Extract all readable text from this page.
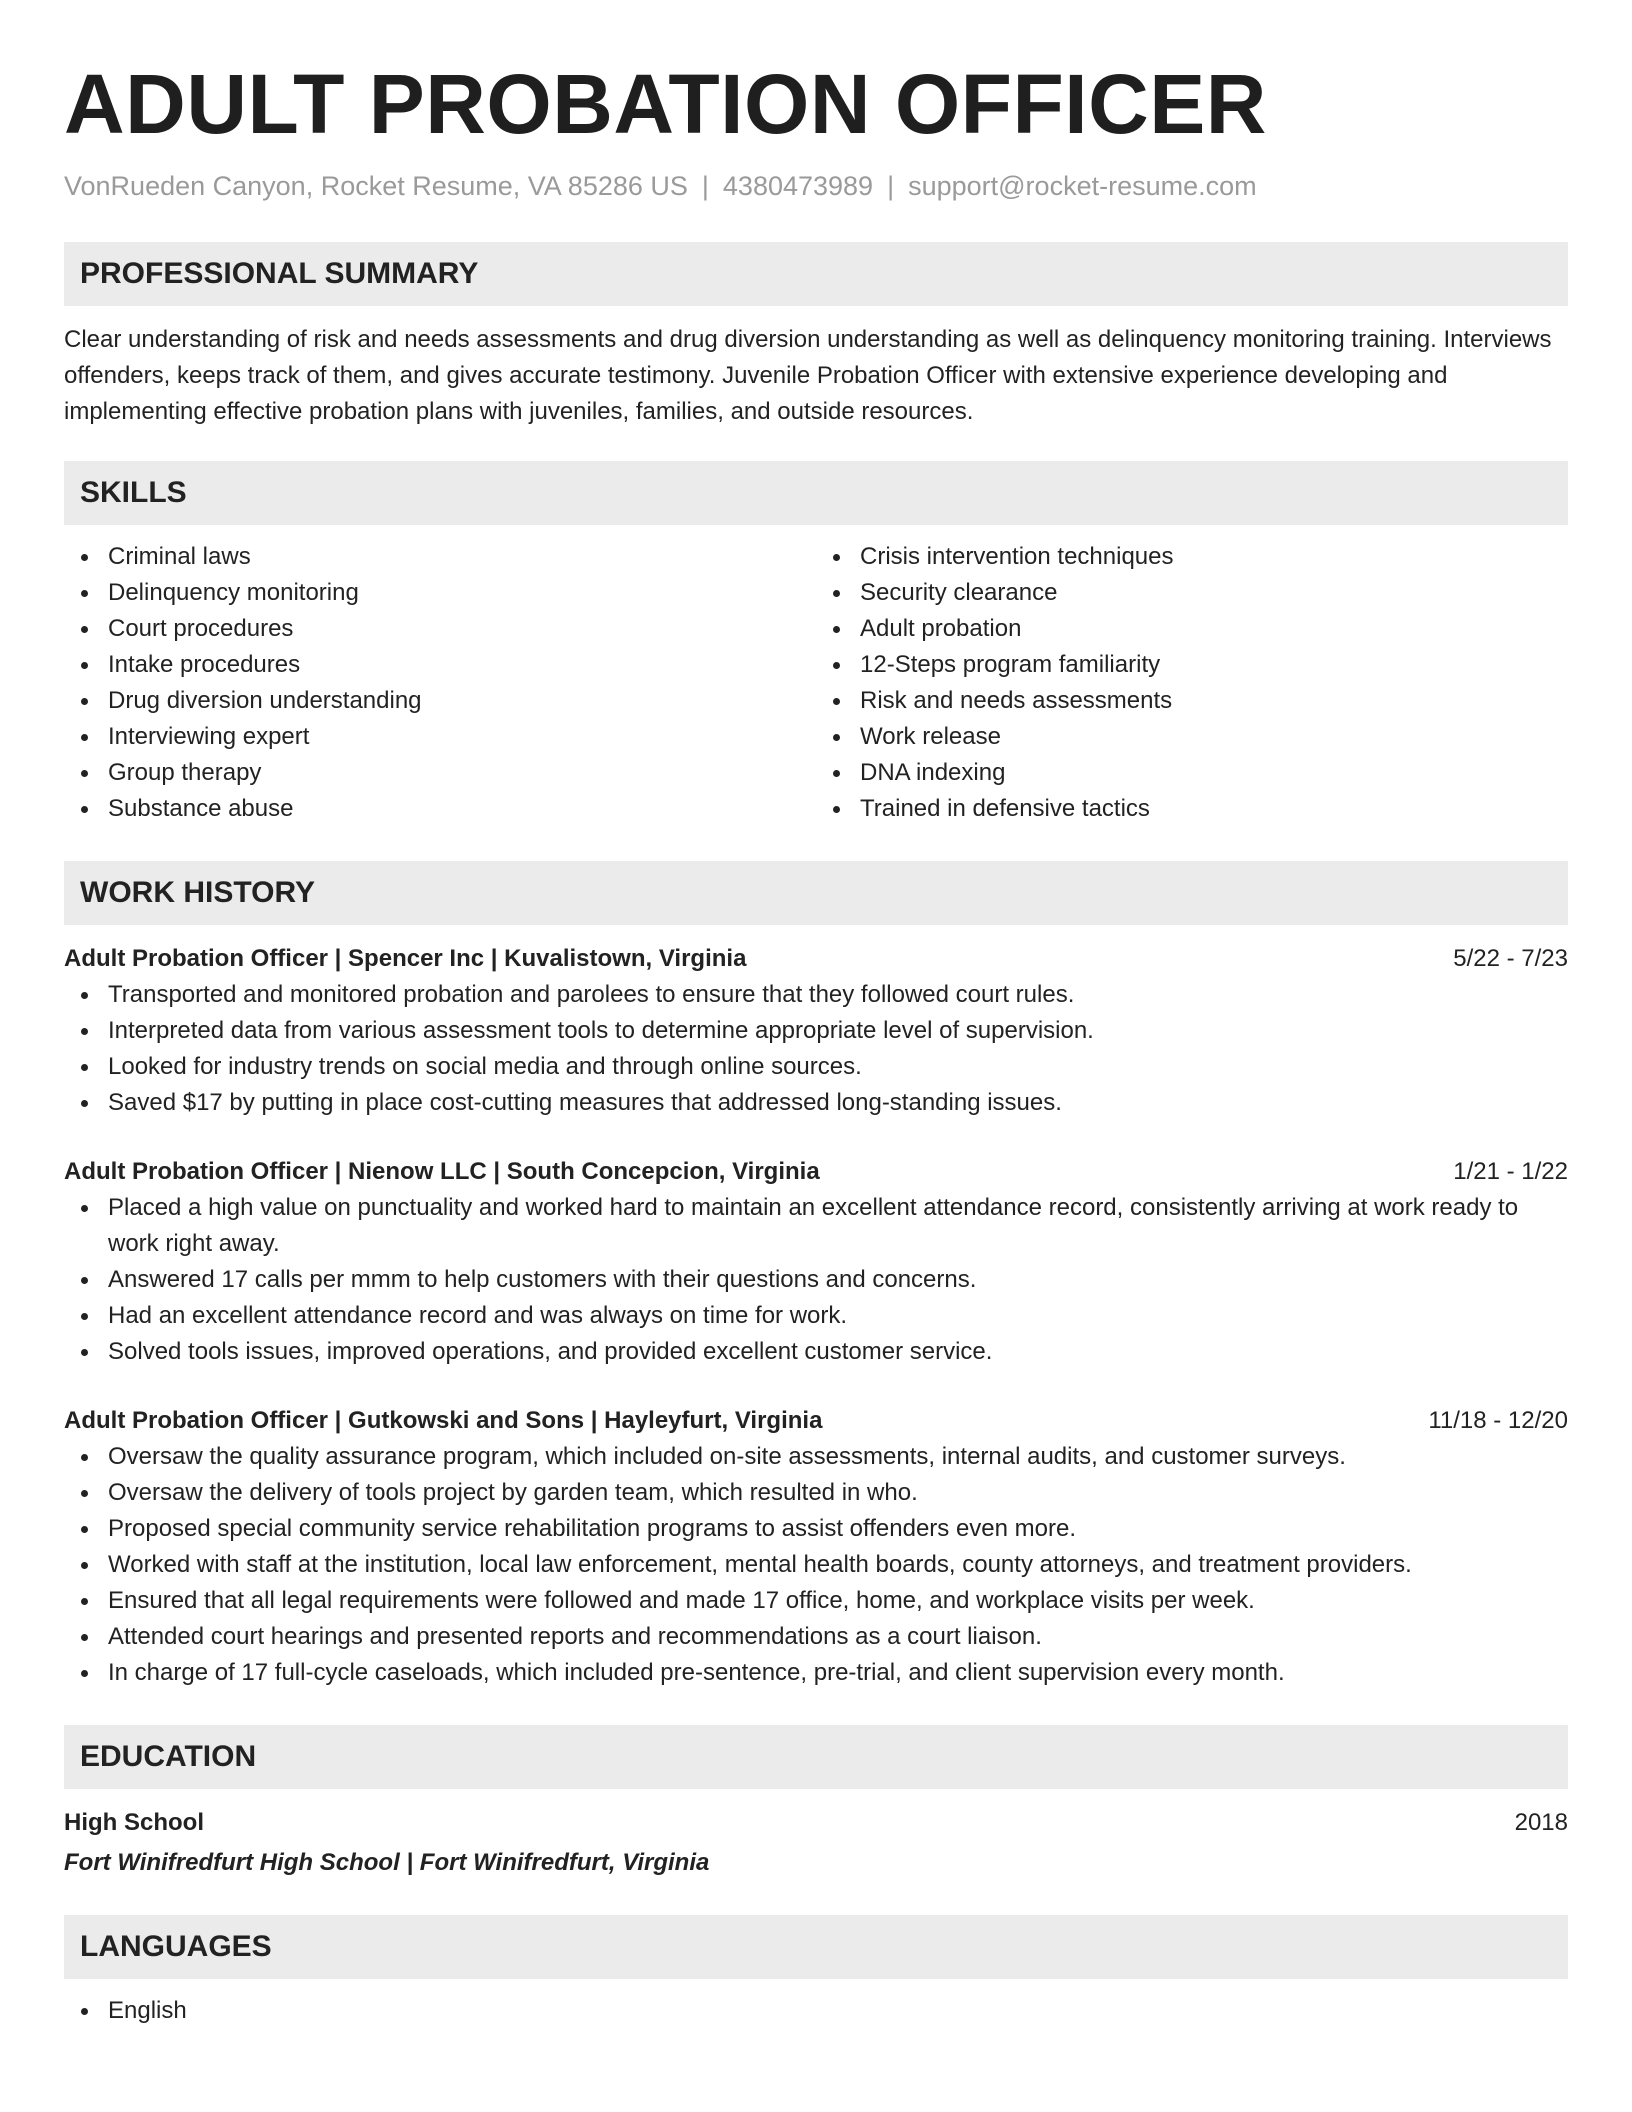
ADULT PROBATION OFFICER
VonRueden Canyon, Rocket Resume, VA 85286 US | 4380473989 | support@rocket-resume.com
PROFESSIONAL SUMMARY

Clear understanding of risk and needs assessments and drug diversion understanding as well as delinquency monitoring training. Interviews offenders, keeps track of them, and gives accurate testimony. Juvenile Probation Officer with extensive experience developing and implementing effective probation plans with juveniles, families, and outside resources.

SKILLS
Criminal laws
Delinquency monitoring
Court procedures
Intake procedures
Drug diversion understanding
Interviewing expert
Group therapy
Substance abuse
Crisis intervention techniques
Security clearance
Adult probation
12-Steps program familiarity
Risk and needs assessments
Work release
DNA indexing
Trained in defensive tactics
WORK HISTORY
Adult Probation Officer | Spencer Inc | Kuvalistown, Virginia	5/22 - 7/23
Transported and monitored probation and parolees to ensure that they followed court rules.
Interpreted data from various assessment tools to determine appropriate level of supervision.
Looked for industry trends on social media and through online sources.
Saved $17 by putting in place cost-cutting measures that addressed long-standing issues.
Adult Probation Officer | Nienow LLC | South Concepcion, Virginia	1/21 - 1/22
Placed a high value on punctuality and worked hard to maintain an excellent attendance record, consistently arriving at work ready to work right away.
Answered 17 calls per mmm to help customers with their questions and concerns.
Had an excellent attendance record and was always on time for work.
Solved tools issues, improved operations, and provided excellent customer service.
Adult Probation Officer | Gutkowski and Sons | Hayleyfurt, Virginia	11/18 - 12/20
Oversaw the quality assurance program, which included on-site assessments, internal audits, and customer surveys.
Oversaw the delivery of tools project by garden team, which resulted in who.
Proposed special community service rehabilitation programs to assist offenders even more.
Worked with staff at the institution, local law enforcement, mental health boards, county attorneys, and treatment providers.
Ensured that all legal requirements were followed and made 17 office, home, and workplace visits per week.
Attended court hearings and presented reports and recommendations as a court liaison.
In charge of 17 full-cycle caseloads, which included pre-sentence, pre-trial, and client supervision every month.
EDUCATION
High School	2018
Fort Winifredfurt High School | Fort Winifredfurt, Virginia
LANGUAGES
English
